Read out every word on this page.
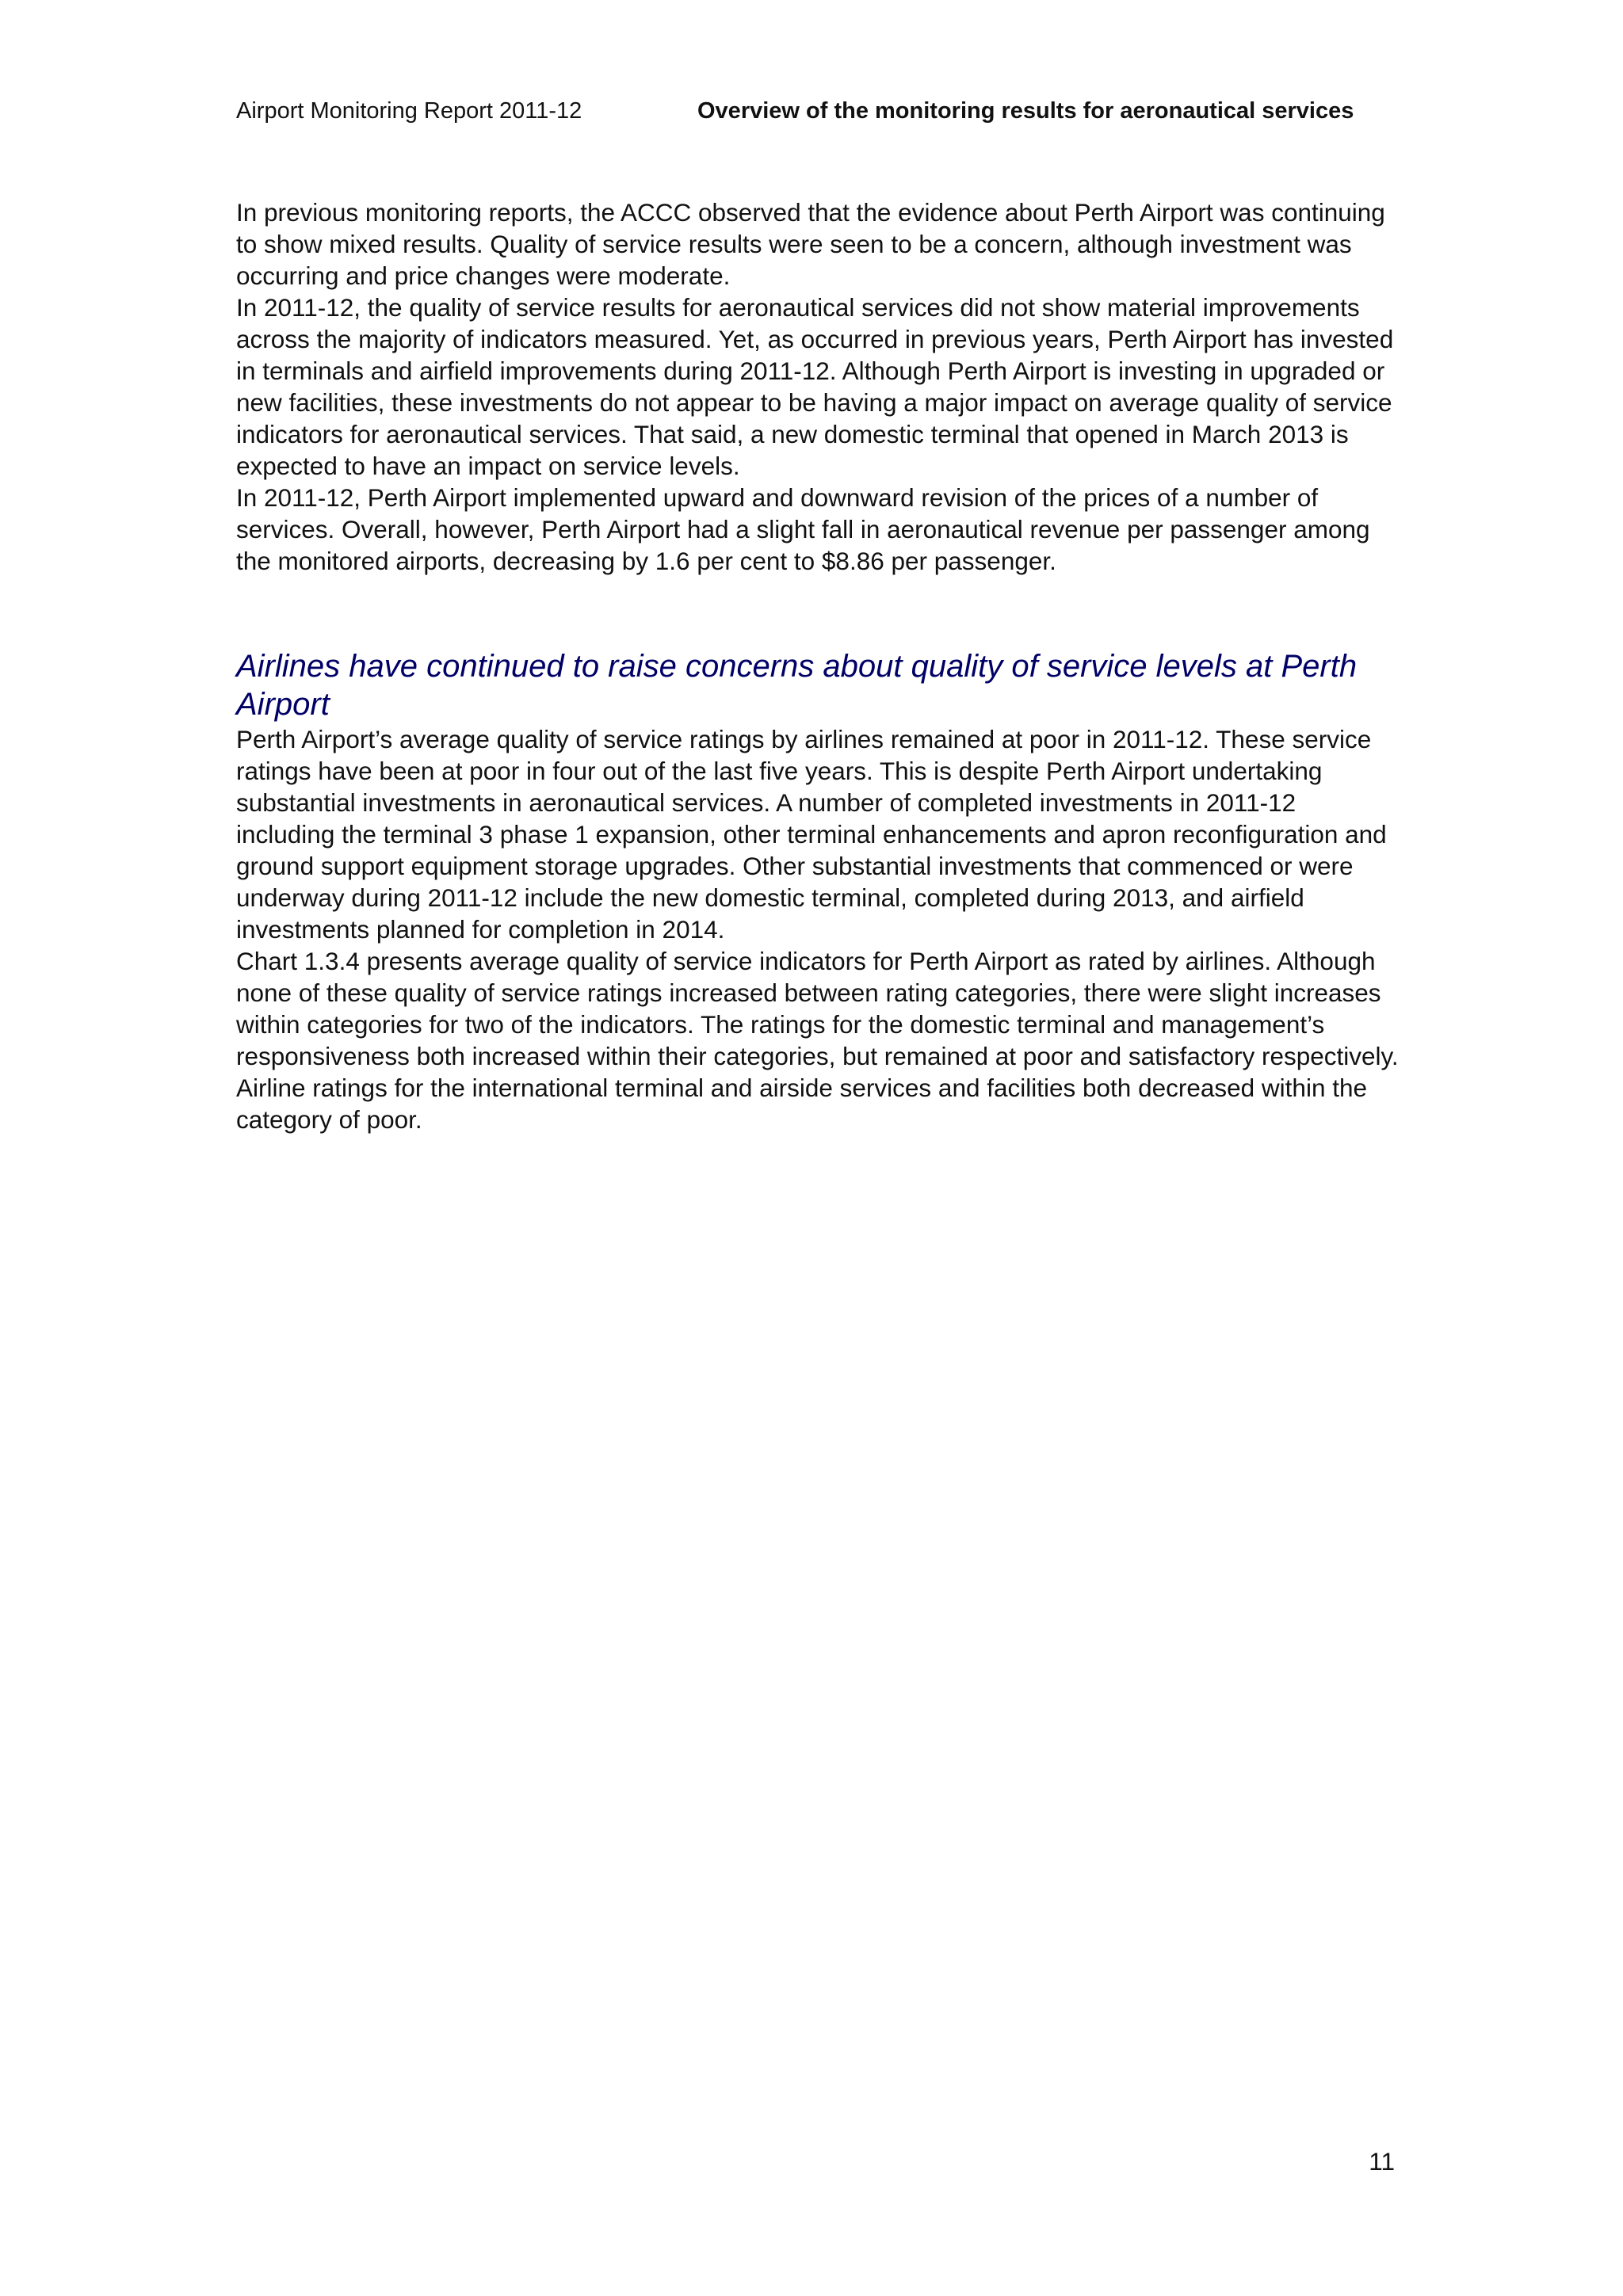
Airport Monitoring Report 2011-12	Overview of the monitoring results for aeronautical services

In previous monitoring reports, the ACCC observed that the evidence about Perth Airport was continuing to show mixed results. Quality of service results were seen to be a concern, although investment was occurring and price changes were moderate.

In 2011-12, the quality of service results for aeronautical services did not show material improvements across the majority of indicators measured. Yet, as occurred in previous years, Perth Airport has invested in terminals and airfield improvements during 2011-12. Although Perth Airport is investing in upgraded or new facilities, these investments do not appear to be having a major impact on average quality of service indicators for aeronautical services. That said, a new domestic terminal that opened in March 2013 is expected to have an impact on service levels.

In 2011-12, Perth Airport implemented upward and downward revision of the prices of a number of services. Overall, however, Perth Airport had a slight fall in aeronautical revenue per passenger among the monitored airports, decreasing by 1.6 per cent to $8.86 per passenger.

Airlines have continued to raise concerns about quality of service levels at Perth Airport

Perth Airport’s average quality of service ratings by airlines remained at poor in 2011-12. These service ratings have been at poor in four out of the last five years. This is despite Perth Airport undertaking substantial investments in aeronautical services. A number of completed investments in 2011-12 including the terminal 3 phase 1 expansion, other terminal enhancements and apron reconfiguration and ground support equipment storage upgrades. Other substantial investments that commenced or were underway during 2011-12 include the new domestic terminal, completed during 2013, and airfield investments planned for completion in 2014.

Chart 1.3.4 presents average quality of service indicators for Perth Airport as rated by airlines. Although none of these quality of service ratings increased between rating categories, there were slight increases within categories for two of the indicators. The ratings for the domestic terminal and management’s responsiveness both increased within their categories, but remained at poor and satisfactory respectively. Airline ratings for the international terminal and airside services and facilities both decreased within the category of poor.

11
